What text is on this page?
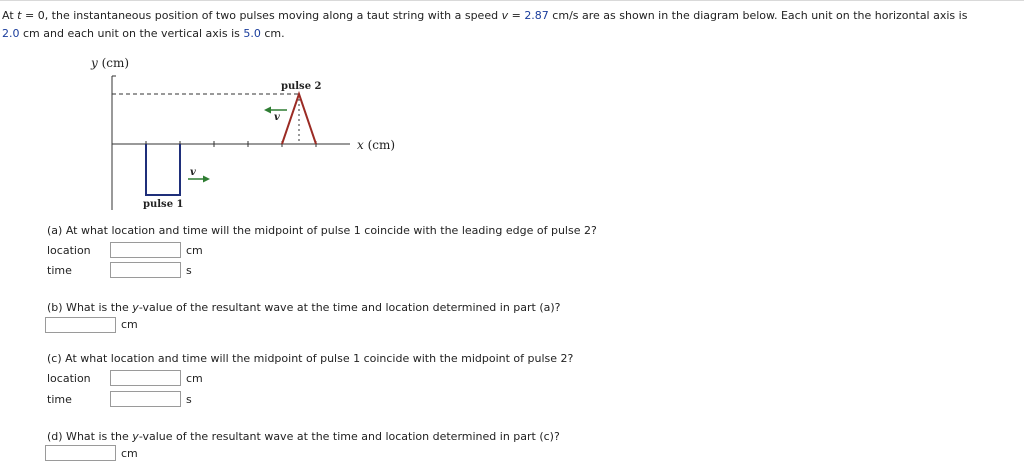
At t = 0, the instantaneous position of two pulses moving along a taut string with a speed v = 2.87 cm/s are as shown in the diagram below. Each unit on the horizontal axis is
2.0 cm and each unit on the vertical axis is 5.0 cm.
y (cm)
x (cm)
pulse 2
pulse 1
v
v
(a) At what location and time will the midpoint of pulse 1 coincide with the leading edge of pulse 2?
location	cm
time	s
(b) What is the y-value of the resultant wave at the time and location determined in part (a)?
cm
(c) At what location and time will the midpoint of pulse 1 coincide with the midpoint of pulse 2?
location	cm
time	s
(d) What is the y-value of the resultant wave at the time and location determined in part (c)?
cm
